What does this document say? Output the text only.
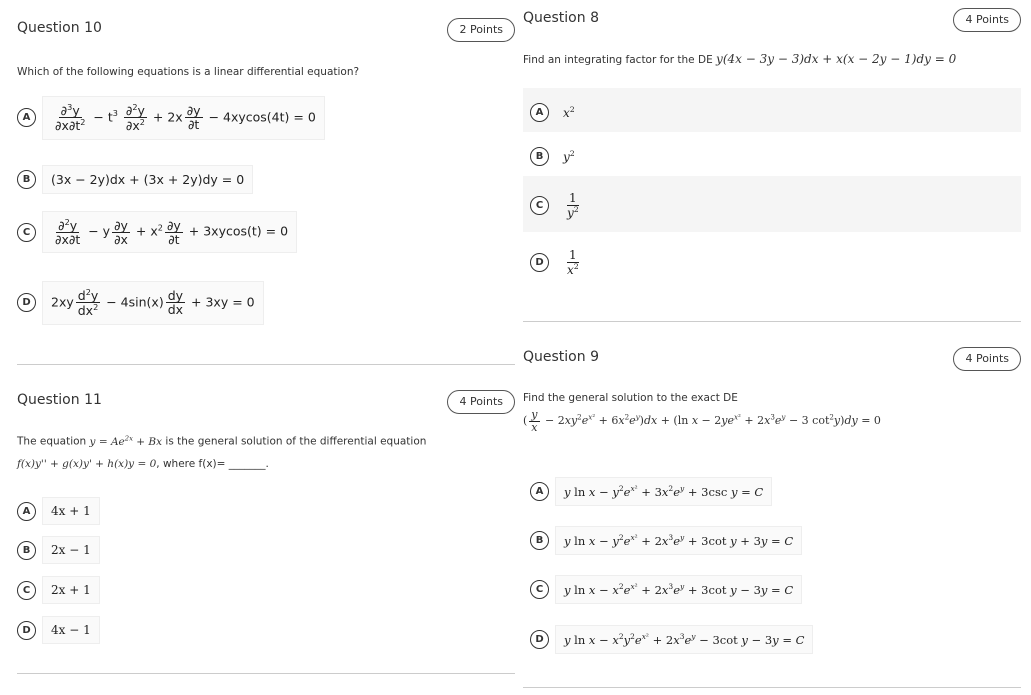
Question 10	2 Points
Which of the following equations is a linear differential equation?
A	$\frac{\partial^3y}{\partial x\partial t^2} - t^3 \frac{\partial^2y}{\partial x^2} + 2x \frac{\partial y}{\partial t} - 4xycos(4t) = 0$
B	(3x − 2y)dx + (3x + 2y)dy = 0
C	$\frac{\partial^2y}{\partial x\partial t} - y \frac{\partial y}{\partial x} + x^2 \frac{\partial y}{\partial t} + 3xycos(t) = 0$
D	$2xy \frac{d^2y}{dx^2} - 4\sin(x) \frac{dy}{dx} + 3xy = 0$
Question 11	4 Points
The equation $y = Ae^{2x} + Bx$ is the general solution of the differential equation
f(x)y'' + g(x)y' + h(x)y = 0, where f(x)= _______.
A	4x + 1
B	2x − 1
C	2x + 1
D	4x − 1
Question 8	4 Points
Find an integrating factor for the DE y(4x − 3y − 3)dx + x(x − 2y − 1)dy = 0
A	$x^2$
B	$y^2$
C	$\frac{1}{y^2}$
D	$\frac{1}{x^2}$
Question 9	4 Points
Find the general solution to the exact DE
( $\frac{y}{x} - 2xy^2e^{x^2} + 6x^2e^y)dx + (\ln$ $x - 2ye^{x^2} + 2x^3e^y - 3$ $\cot^2y)dy = 0$
A	y $\ln x - y^2e^{x^2} + 3x^2e^y + 3\csc$ y = C
B	y $\ln x - y^2e^{x^2} + 2x^3e^y + 3\cot$ y + 3y = C
C	y $\ln x - x^2e^{x^2} + 2x^3e^y + 3\cot$ y − 3y = C
D	y $\ln x - x^2y^2e^{x^2} + 2x^3e^y - 3\cot$ y − 3y = C
